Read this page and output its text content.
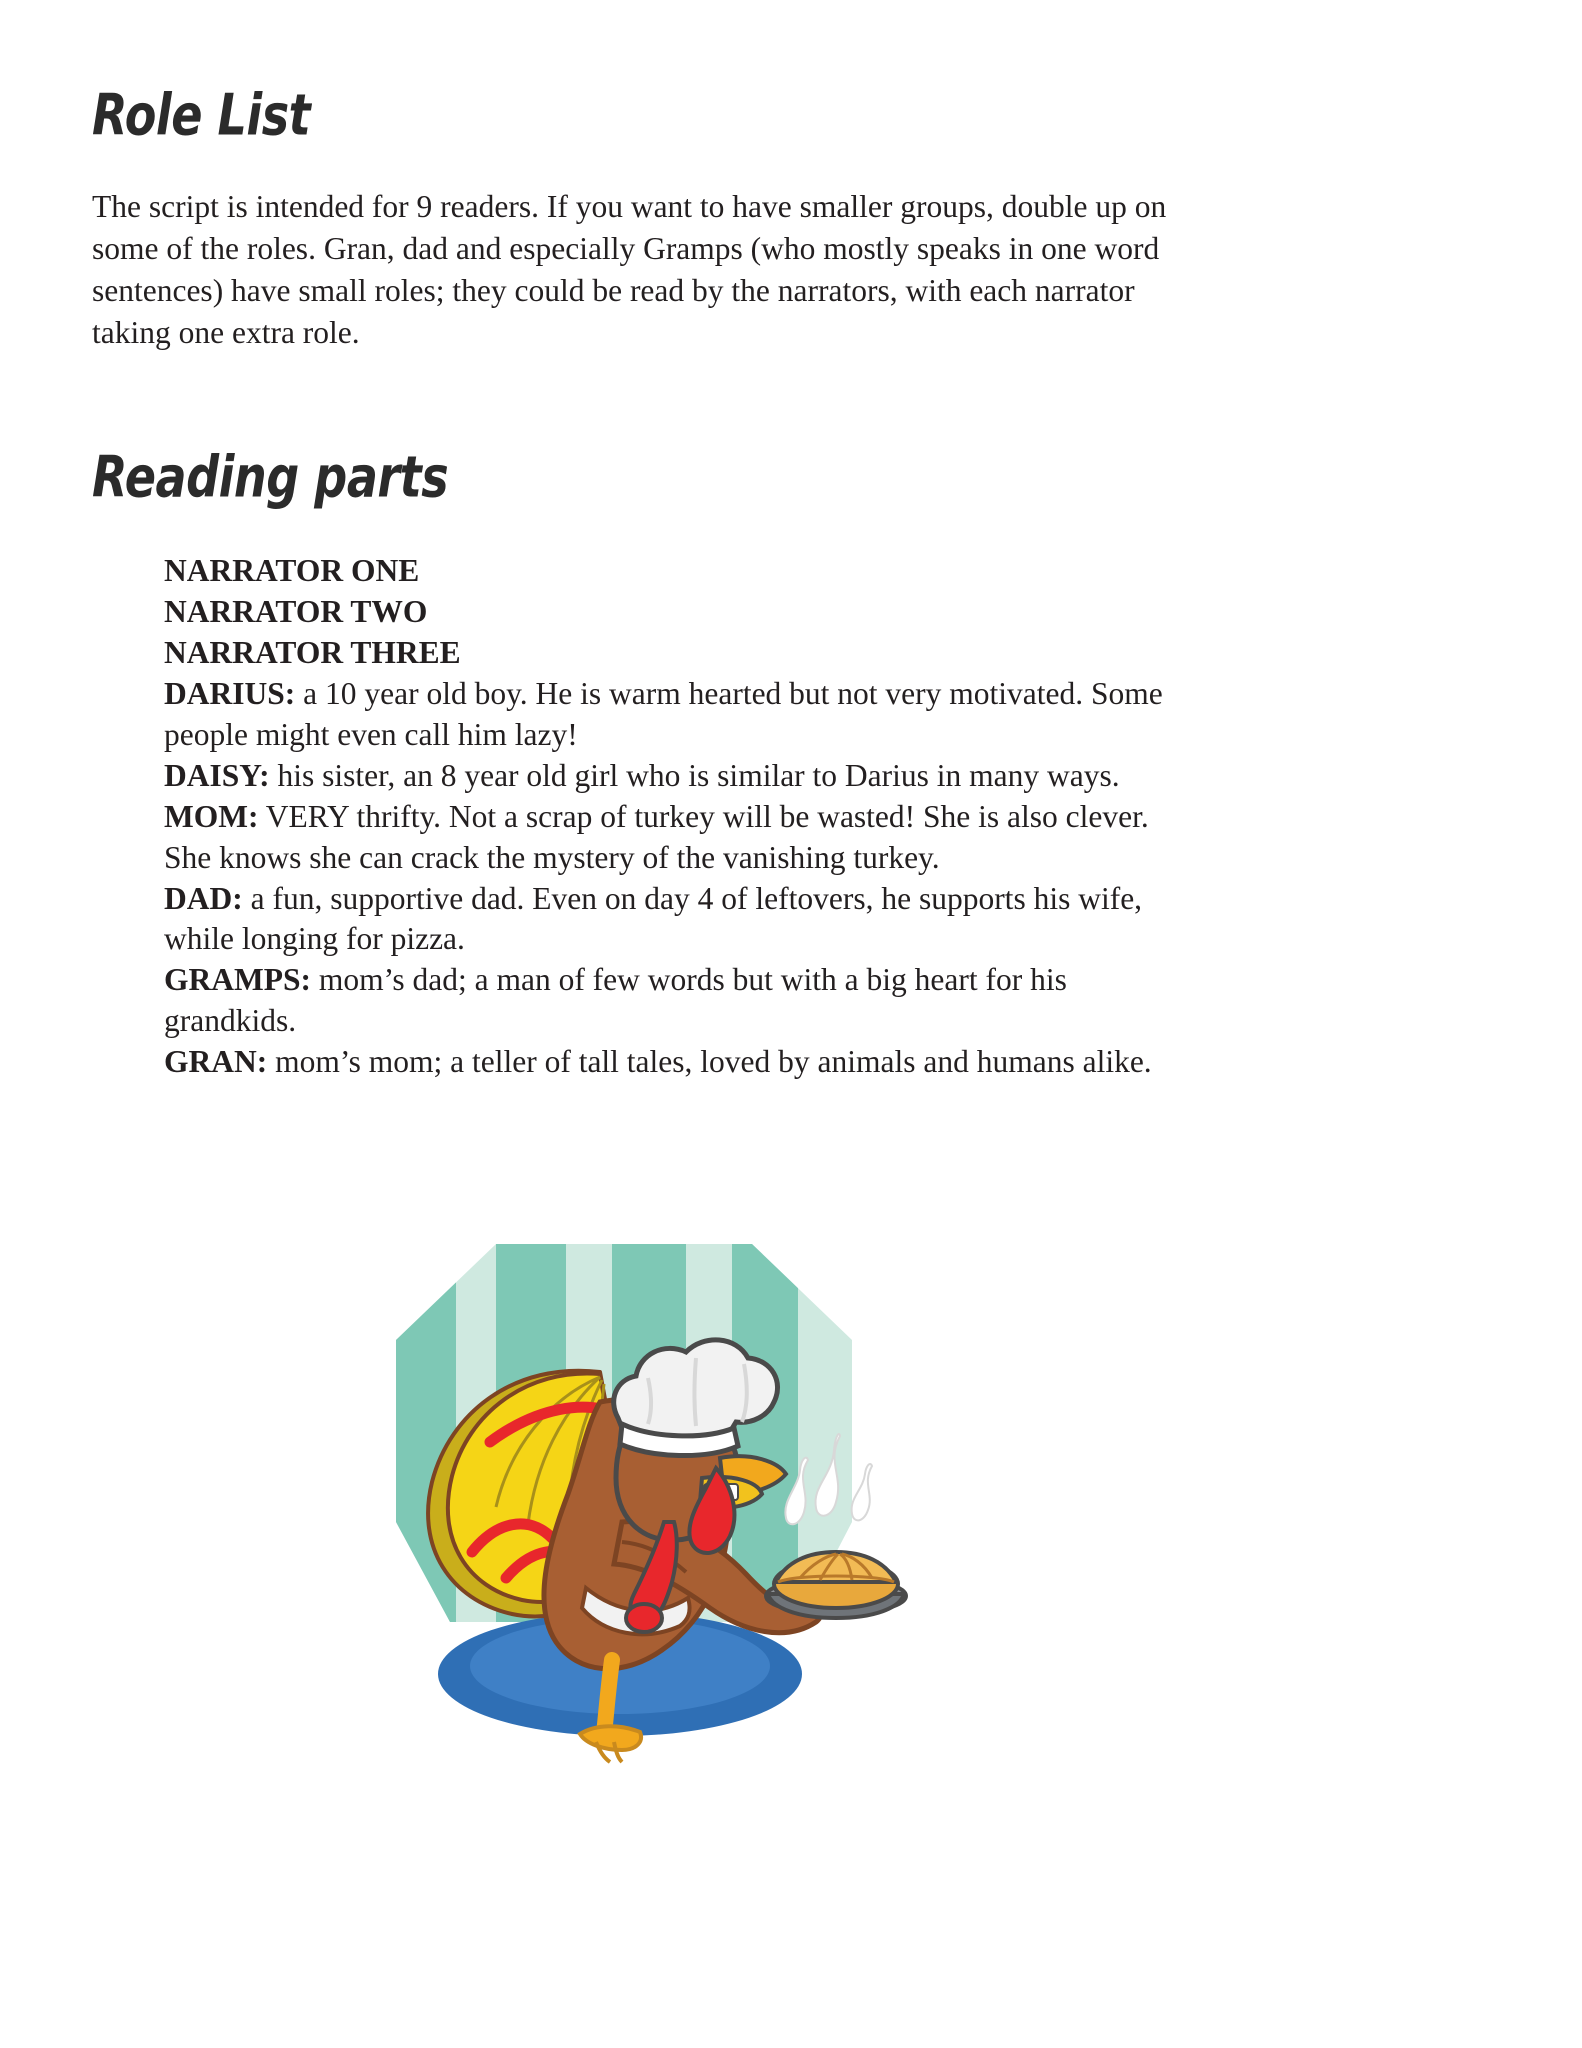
Role List

The script is intended for 9 readers. If you want to have smaller groups, double up on some of the roles. Gran, dad and especially Gramps (who mostly speaks in one word sentences) have small roles; they could be read by the narrators, with each narrator taking one extra role.

Reading parts

NARRATOR ONE

NARRATOR TWO

NARRATOR THREE

DARIUS: a 10 year old boy. He is warm hearted but not very motivated. Some people might even call him lazy!

DAISY: his sister, an 8 year old girl who is similar to Darius in many ways.

MOM: VERY thrifty. Not a scrap of turkey will be wasted! She is also clever. She knows she can crack the mystery of the vanishing turkey.

DAD: a fun, supportive dad. Even on day 4 of leftovers, he supports his wife, while longing for pizza.

GRAMPS: mom’s dad; a man of few words but with a big heart for his grandkids.

GRAN: mom’s mom; a teller of tall tales, loved by animals and humans alike.
